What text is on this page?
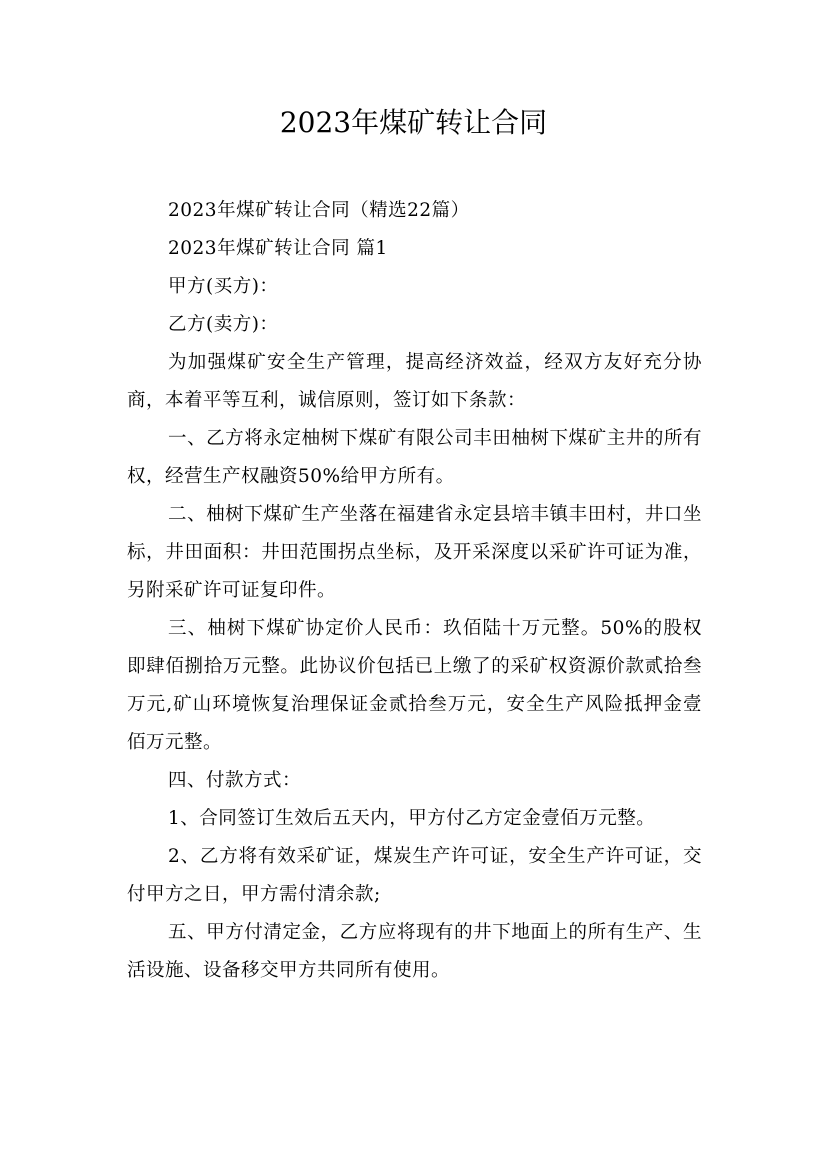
2023年煤矿转让合同

2023年煤矿转让合同（精选22篇）

2023年煤矿转让合同 篇1

甲方(买方)：

乙方(卖方)：

为加强煤矿安全生产管理，提高经济效益，经双方友好充分协商，本着平等互利，诚信原则，签订如下条款：

一、乙方将永定柚树下煤矿有限公司丰田柚树下煤矿主井的所有权，经营生产权融资50%给甲方所有。

二、柚树下煤矿生产坐落在福建省永定县培丰镇丰田村，井口坐标，井田面积：井田范围拐点坐标，及开采深度以采矿许可证为准，另附采矿许可证复印件。

三、柚树下煤矿协定价人民币：玖佰陆十万元整。50%的股权即肆佰捌拾万元整。此协议价包括已上缴了的采矿权资源价款贰拾叁万元,矿山环境恢复治理保证金贰拾叁万元，安全生产风险抵押金壹佰万元整。

四、付款方式：

1、合同签订生效后五天内，甲方付乙方定金壹佰万元整。

2、乙方将有效采矿证，煤炭生产许可证，安全生产许可证，交付甲方之日，甲方需付清余款;

五、甲方付清定金，乙方应将现有的井下地面上的所有生产、生活设施、设备移交甲方共同所有使用。
